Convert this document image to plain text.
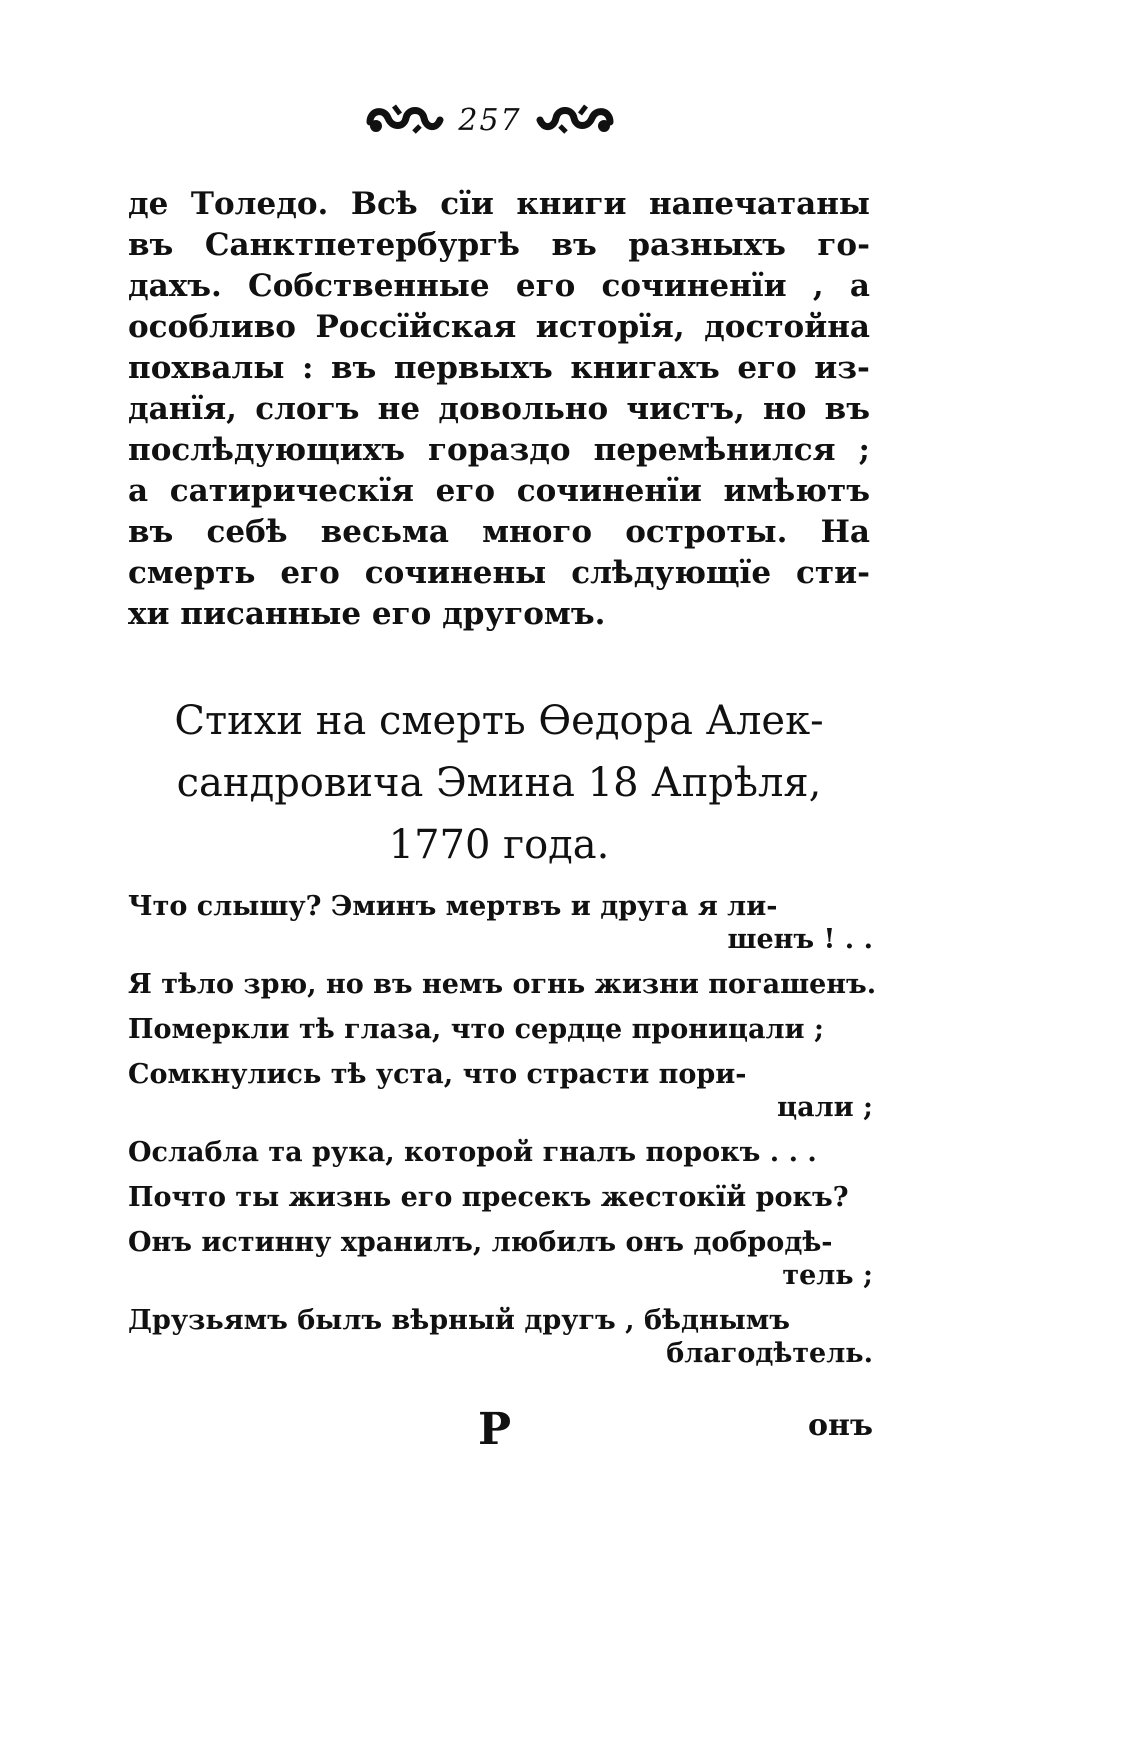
257
де Толедо. Всѣ сїи книги напечатаны
въ Санктпетербургѣ въ разныхъ го-
дахъ. Собственные его сочиненїи , а
особливо Россїйская исторїя, достойна
похвалы : въ первыхъ книгахъ его из-
данїя, слогъ не довольно чистъ, но въ
послѣдующихъ гораздо перемѣнился ;
а сатирическїя его сочиненїи имѣютъ
въ себѣ весьма много остроты. На
смерть его сочинены слѣдующїе сти-
хи писанные его другомъ.
Стихи на смерть Ѳедора Алек-
сандровича Эмина 18 Апрѣля,
1770 года.
Что слышу? Эминъ мертвъ и друга я ли-
шенъ ! . .
Я тѣло зрю, но въ немъ огнь жизни погашенъ.
Померкли тѣ глаза, что сердце проницали ;
Сомкнулись тѣ уста, что страсти пори-
цали ;
Ослабла та рука, которой гналъ порокъ . . .
Почто ты жизнь его пресекъ жестокїй рокъ?
Онъ истинну хранилъ, любилъ онъ добродѣ-
тель ;
Друзьямъ былъ вѣрный другъ , бѣднымъ
благодѣтель.
Р	онъ
